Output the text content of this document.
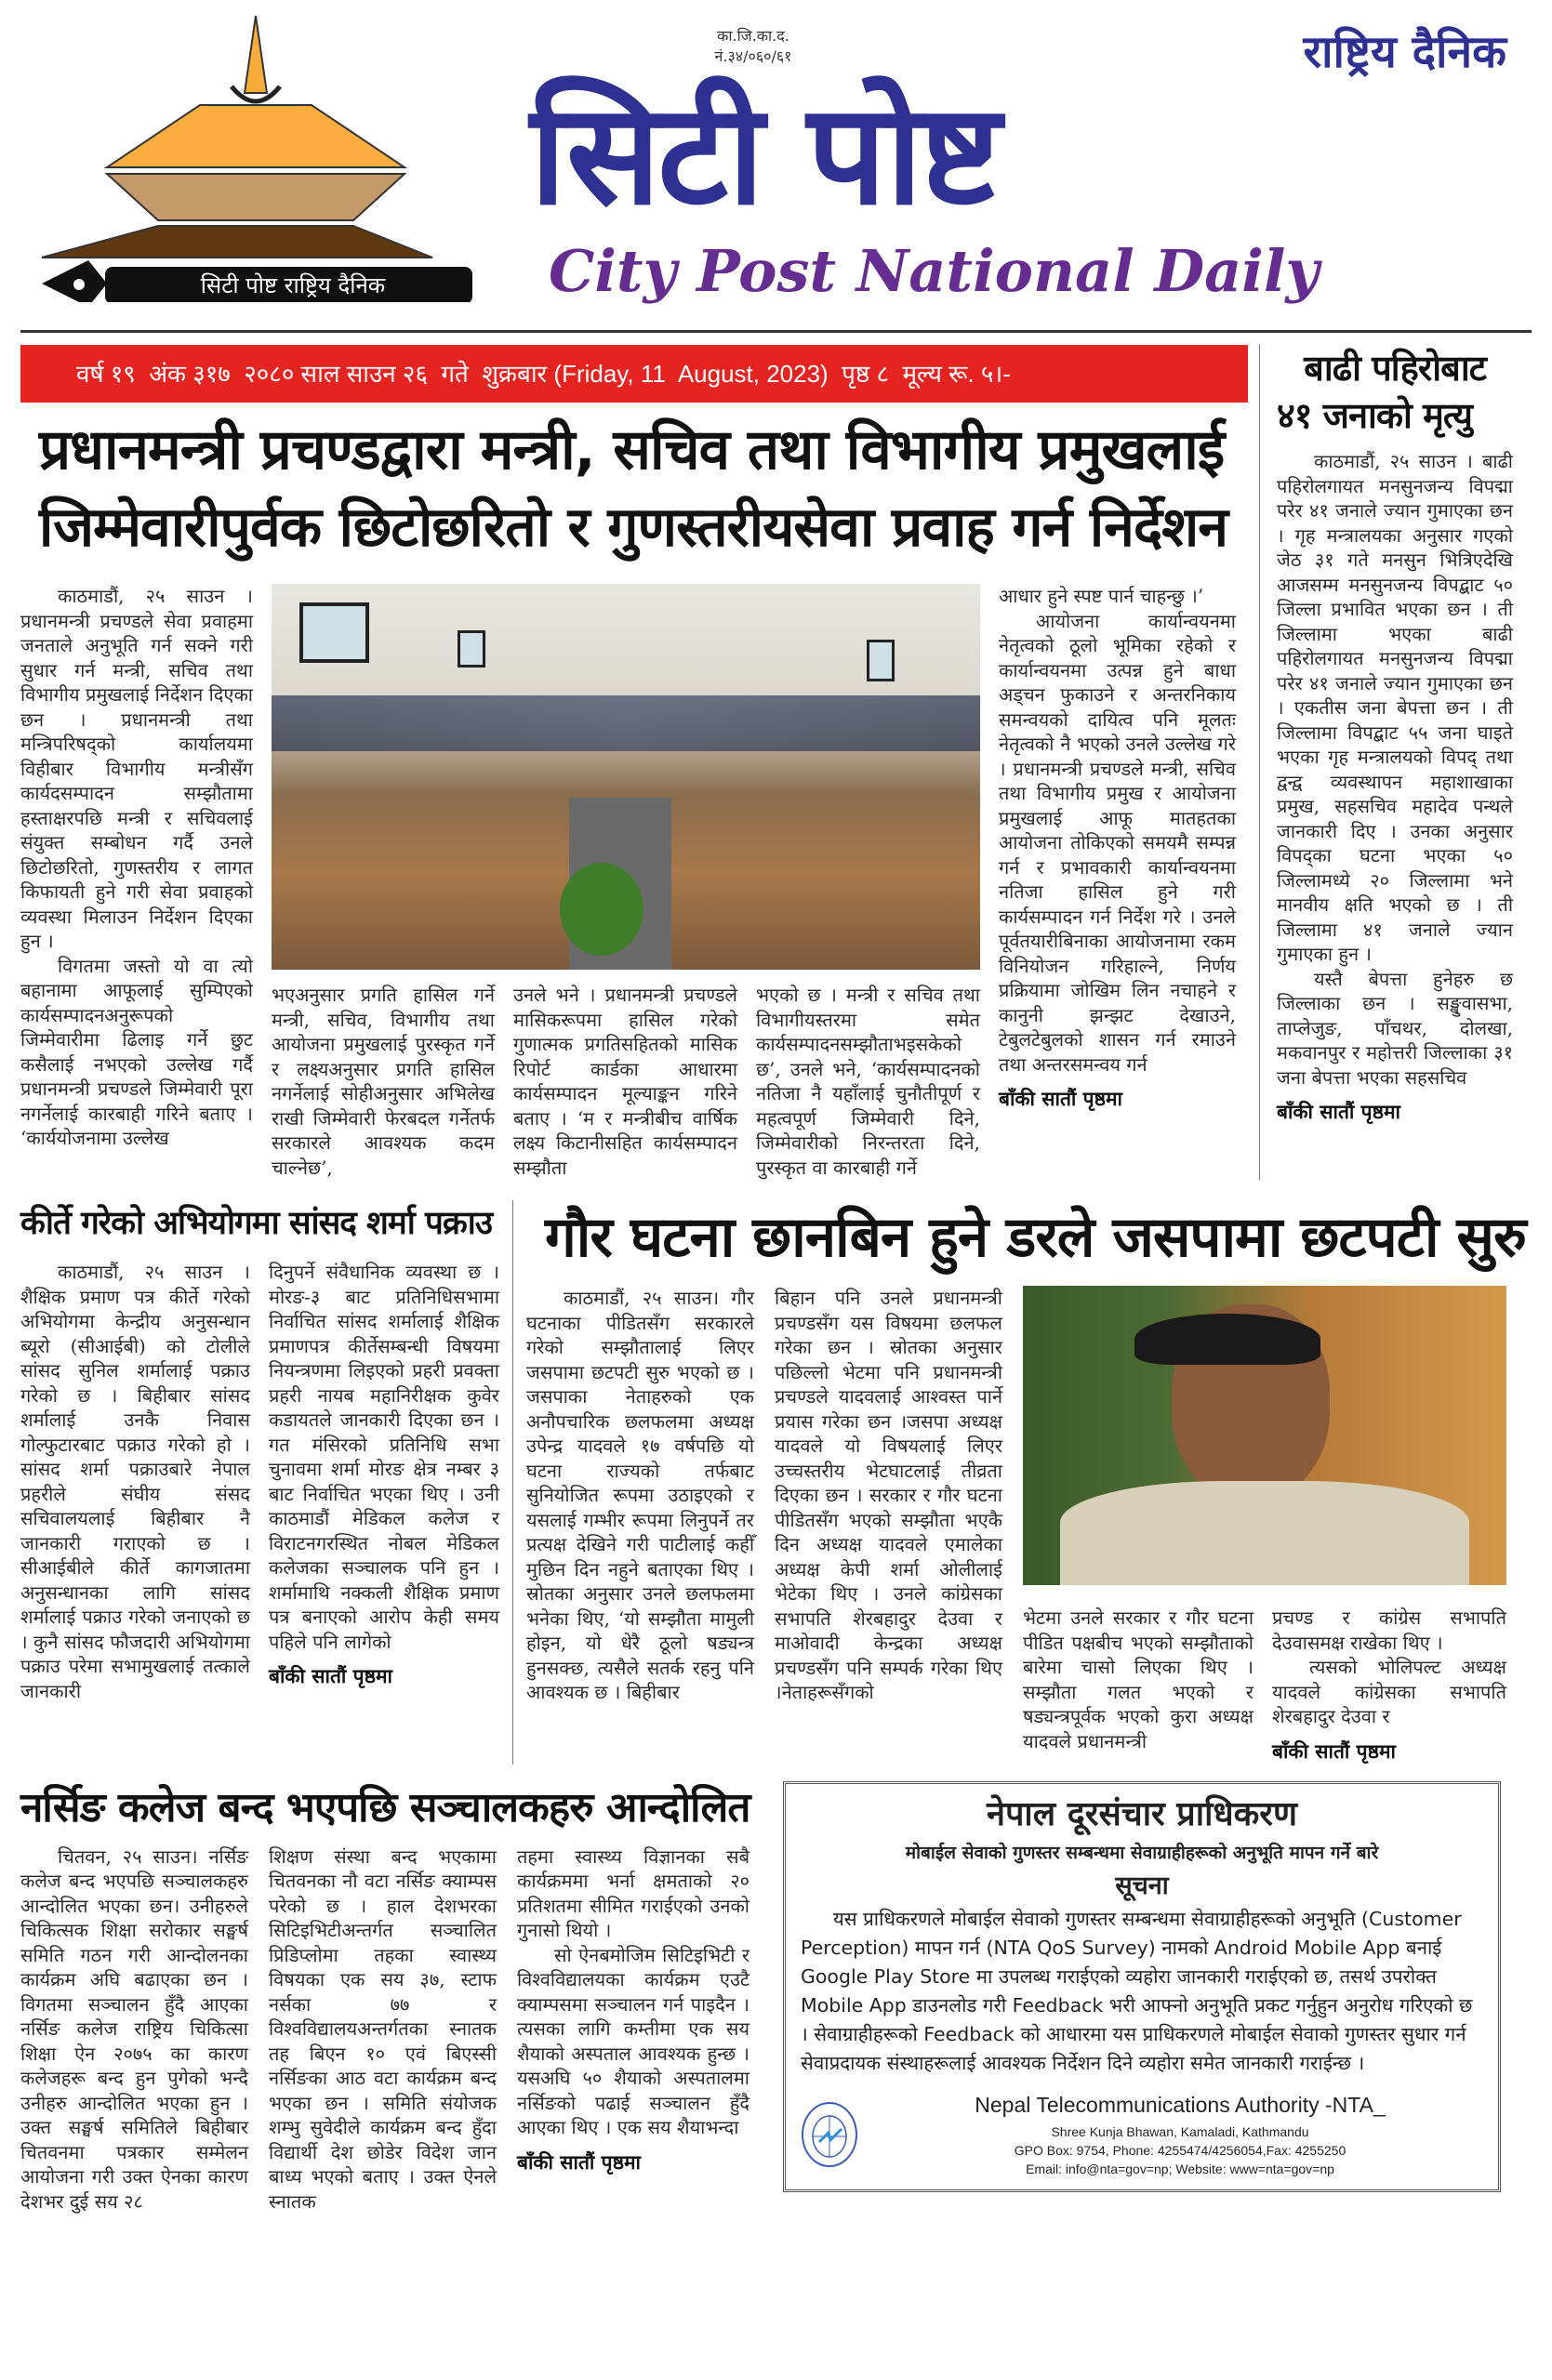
सिटी पोष्ट राष्ट्रिय दैनिक
का.जि.का.द.
नं.३४/०६०/६१	राष्ट्रिय दैनिक
सिटी पोष्ट
City Post National Daily
वर्ष १९  अंक ३१७  २०८० साल साउन २६  गते  शुक्रबार (Friday, 11  August, 2023)  पृष्ठ ८  मूल्य रू. ५।-
प्रधानमन्त्री प्रचण्डद्वारा मन्त्री, सचिव तथा विभागीय प्रमुखलाई
जिम्मेवारीपुर्वक छिटोछरितो र गुणस्तरीयसेवा प्रवाह गर्न निर्देशन

काठमाडौं, २५ साउन । प्रधानमन्त्री प्रचण्डले सेवा प्रवाहमा जनताले अनुभूति गर्न सक्ने गरी सुधार गर्न मन्त्री, सचिव तथा विभागीय प्रमुखलाई निर्देशन दिएका छन । प्रधानमन्त्री तथा मन्त्रिपरिषद्को कार्यालयमा विहीबार विभागीय मन्त्रीसँग कार्यदसम्पादन सम्झौतामा हस्ताक्षरपछि मन्त्री र सचिवलाई संयुक्त सम्बोधन गर्दै उनले छिटोछरितो, गुणस्तरीय र लागत किफायती हुने गरी सेवा प्रवाहको व्यवस्था मिलाउन निर्देशन दिएका हुन ।

विगतमा जस्तो यो वा त्यो बहानामा आफूलाई सुम्पिएको कार्यसम्पादनअनुरूपको जिम्मेवारीमा ढिलाइ गर्ने छुट कसैलाई नभएको उल्लेख गर्दै प्रधानमन्त्री प्रचण्डले जिम्मेवारी पूरा नगर्नेलाई कारबाही गरिने बताए । ‘कार्ययोजनामा उल्लेख

भएअनुसार प्रगति हासिल गर्ने मन्त्री, सचिव, विभागीय तथा आयोजना प्रमुखलाई पुरस्कृत गर्ने र लक्ष्यअनुसार प्रगति हासिल नगर्नेलाई सोहीअनुसार अभिलेख राखी जिम्मेवारी फेरबदल गर्नेतर्फ सरकारले आवश्यक कदम चाल्नेछ’,

उनले भने । प्रधानमन्त्री प्रचण्डले मासिकरूपमा हासिल गरेको गुणात्मक प्रगतिसहितको मासिक रिपोर्ट कार्डका आधारमा कार्यसम्पादन मूल्याङ्कन गरिने बताए । ‘म र मन्त्रीबीच वार्षिक लक्ष्य किटानीसहित कार्यसम्पादन सम्झौता

भएको छ । मन्त्री र सचिव तथा विभागीयस्तरमा समेत कार्यसम्पादनसम्झौताभइसकेको छ’, उनले भने, ‘कार्यसम्पादनको नतिजा नै यहाँलाई चुनौतीपूर्ण र महत्वपूर्ण जिम्मेवारी दिने, जिम्मेवारीको निरन्तरता दिने, पुरस्कृत वा कारबाही गर्ने

आधार हुने स्पष्ट पार्न चाहन्छु ।’

आयोजना कार्यान्वयनमा नेतृत्वको ठूलो भूमिका रहेको र कार्यान्वयनमा उत्पन्न हुने बाधा अड्चन फुकाउने र अन्तरनिकाय समन्वयको दायित्व पनि मूलतः नेतृत्वको नै भएको उनले उल्लेख गरे । प्रधानमन्त्री प्रचण्डले मन्त्री, सचिव तथा विभागीय प्रमुख र आयोजना प्रमुखलाई आफू मातहतका आयोजना तोकिएको समयमै सम्पन्न गर्न र प्रभावकारी कार्यान्वयनमा नतिजा हासिल हुने गरी कार्यसम्पादन गर्न निर्देश गरे । उनले पूर्वतयारीबिनाका आयोजनामा रकम विनियोजन गरिहाल्ने, निर्णय प्रक्रियामा जोखिम लिन नचाहने र कानुनी झन्झट देखाउने, टेबुलटेबुलको शासन गर्न रमाउने तथा अन्तरसमन्वय गर्न

बाँकी सातौं पृष्ठमा
बाढी पहिरोबाट
४१ जनाको मृत्यु

काठमाडौं, २५ साउन । बाढी पहिरोलगायत मनसुनजन्य विपद्मा परेर ४१ जनाले ज्यान गुमाएका छन । गृह मन्त्रालयका अनुसार गएको जेठ ३१ गते मनसुन भित्रिएदेखि आजसम्म मनसुनजन्य विपद्बाट ५० जिल्ला प्रभावित भएका छन । ती जिल्लामा भएका बाढी पहिरोलगायत मनसुनजन्य विपद्मा परेर ४१ जनाले ज्यान गुमाएका छन । एकतीस जना बेपत्ता छन । ती जिल्लामा विपद्बाट ५५ जना घाइते भएका गृह मन्त्रालयको विपद् तथा द्वन्द्व व्यवस्थापन महाशाखाका प्रमुख, सहसचिव महादेव पन्थले जानकारी दिए । उनका अनुसार विपद्का घटना भएका ५० जिल्लामध्ये २० जिल्लामा भने मानवीय क्षति भएको छ । ती जिल्लामा ४१ जनाले ज्यान गुमाएका हुन ।

यस्तै बेपत्ता हुनेहरु छ जिल्लाका छन । सङ्खुवासभा, ताप्लेजुङ, पाँचथर, दोलखा, मकवानपुर र महोत्तरी जिल्लाका ३१ जना बेपत्ता भएका सहसचिव

बाँकी सातौं पृष्ठमा
कीर्ते गरेको अभियोगमा सांसद शर्मा पक्राउ

काठमाडौं, २५ साउन । शैक्षिक प्रमाण पत्र कीर्ते गरेको अभियोगमा केन्द्रीय अनुसन्धान ब्यूरो (सीआईबी) को टोलीले सांसद सुनिल शर्मालाई पक्राउ गरेको छ । बिहीबार सांसद शर्मालाई उनकै निवास गोल्फुटारबाट पक्राउ गरेको हो । सांसद शर्मा पक्राउबारे नेपाल प्रहरीले संघीय संसद सचिवालयलाई बिहीबार नै जानकारी गराएको छ । सीआईबीले कीर्ते कागजातमा अनुसन्धानका लागि सांसद शर्मालाई पक्राउ गरेको जनाएको छ । कुनै सांसद फौजदारी अभियोगमा पक्राउ परेमा सभामुखलाई तत्काले जानकारी

दिनुपर्ने संवैधानिक व्यवस्था छ । मोरङ-३ बाट प्रतिनिधिसभामा निर्वाचित सांसद शर्मालाई शैक्षिक प्रमाणपत्र कीर्तेसम्बन्धी विषयमा नियन्त्रणमा लिइएको प्रहरी प्रवक्ता प्रहरी नायब महानिरीक्षक कुवेर कडायतले जानकारी दिएका छन । गत मंसिरको प्रतिनिधि सभा चुनावमा शर्मा मोरङ क्षेत्र नम्बर ३ बाट निर्वाचित भएका थिए । उनी काठमाडौं मेडिकल कलेज र विराटनगरस्थित नोबल मेडिकल कलेजका सञ्चालक पनि हुन ।शर्मामाथि नक्कली शैक्षिक प्रमाण पत्र बनाएको आरोप केही समय पहिले पनि लागेको

बाँकी सातौं पृष्ठमा
गौर घटना छानबिन हुने डरले जसपामा छटपटी सुरु

काठमाडौं, २५ साउन। गौर घटनाका पीडितसँग सरकारले गरेको सम्झौतालाई लिएर जसपामा छटपटी सुरु भएको छ । जसपाका नेताहरुको एक अनौपचारिक छलफलमा अध्यक्ष उपेन्द्र यादवले १७ वर्षपछि यो घटना राज्यको तर्फबाट सुनियोजित रूपमा उठाइएको र यसलाई गम्भीर रूपमा लिनुपर्ने तर प्रत्यक्ष देखिने गरी पाटीलाई कहीँ मुछिन दिन नहुने बताएका थिए ।स्रोतका अनुसार उनले छलफलमा भनेका थिए, ‘यो सम्झौता मामुली होइन, यो धेरै ठूलो षड्यन्त्र हुनसक्छ, त्यसैले सतर्क रहनु पनि आवश्यक छ । बिहीबार

बिहान पनि उनले प्रधानमन्त्री प्रचण्डसँग यस विषयमा छलफल गरेका छन । स्रोतका अनुसार पछिल्लो भेटमा पनि प्रधानमन्त्री प्रचण्डले यादवलाई आश्वस्त पार्ने प्रयास गरेका छन ।जसपा अध्यक्ष यादवले यो विषयलाई लिएर उच्चस्तरीय भेटघाटलाई तीव्रता दिएका छन । सरकार र गौर घटना पीडितसँग भएको सम्झौता भएकै दिन अध्यक्ष यादवले एमालेका अध्यक्ष केपी शर्मा ओलीलाई भेटेका थिए । उनले कांग्रेसका सभापति शेरबहादुर देउवा र माओवादी केन्द्रका अध्यक्ष प्रचण्डसँग पनि सम्पर्क गरेका थिए ।नेताहरूसँगको

भेटमा उनले सरकार र गौर घटना पीडित पक्षबीच भएको सम्झौताको बारेमा चासो लिएका थिए । सम्झौता गलत भएको र षड्यन्त्रपूर्वक भएको कुरा अध्यक्ष यादवले प्रधानमन्त्री

प्रचण्ड र कांग्रेस सभापति देउवासमक्ष राखेका थिए ।

त्यसको भोलिपल्ट अध्यक्ष यादवले कांग्रेसका सभापति शेरबहादुर देउवा र

बाँकी सातौं पृष्ठमा
नर्सिङ कलेज बन्द भएपछि सञ्चालकहरु आन्दोलित

चितवन, २५ साउन। नर्सिङ कलेज बन्द भएपछि सञ्चालकहरु आन्दोलित भएका छन। उनीहरुले चिकित्सक शिक्षा सरोकार सङ्घर्ष समिति गठन गरी आन्दोलनका कार्यक्रम अघि बढाएका छन । विगतमा सञ्चालन हुँदै आएका नर्सिङ कलेज राष्ट्रिय चिकित्सा शिक्षा ऐन २०७५ का कारण कलेजहरू बन्द हुन पुगेको भन्दै उनीहरु आन्दोलित भएका हुन । उक्त सङ्घर्ष समितिले बिहीबार चितवनमा पत्रकार सम्मेलन आयोजना गरी उक्त ऐनका कारण देशभर दुई सय २८

शिक्षण संस्था बन्द भएकामा चितवनका नौ वटा नर्सिङ क्याम्पस परेको छ । हाल देशभरका सिटिइभिटीअन्तर्गत सञ्चालित प्रिडिप्लोमा तहका स्वास्थ्य विषयका एक सय ३७, स्टाफ नर्सका ७७ र विश्वविद्यालयअन्तर्गतका स्नातक तह बिएन १० एवं बिएस्सी नर्सिङका आठ वटा कार्यक्रम बन्द भएका छन । समिति संयोजक शम्भु सुवेदीले कार्यक्रम बन्द हुँदा विद्यार्थी देश छोडेर विदेश जान बाध्य भएको बताए । उक्त ऐनले स्नातक

तहमा स्वास्थ्य विज्ञानका सबै कार्यक्रममा भर्ना क्षमताको २० प्रतिशतमा सीमित गराईएको उनको गुनासो थियो ।

सो ऐनबमोजिम सिटिइभिटी र विश्वविद्यालयका कार्यक्रम एउटै क्याम्पसमा सञ्चालन गर्न पाइदैन । त्यसका लागि कम्तीमा एक सय शैयाको अस्पताल आवश्यक हुन्छ । यसअघि ५० शैयाको अस्पतालमा नर्सिङको पढाई सञ्चालन हुँदै आएका थिए । एक सय शैयाभन्दा

बाँकी सातौं पृष्ठमा
नेपाल दूरसंचार प्राधिकरण
मोबाईल सेवाको गुणस्तर सम्बन्धमा सेवाग्राहीहरूको अनुभूति मापन गर्ने बारे
सूचना
यस प्राधिकरणले मोबाईल सेवाको गुणस्तर सम्बन्धमा सेवाग्राहीहरूको अनुभूति (Customer Perception) मापन गर्न (NTA QoS Survey) नामको Android Mobile App बनाई Google Play Store मा उपलब्ध गराईएको व्यहोरा जानकारी गराईएको छ, तसर्थ उपरोक्त Mobile App डाउनलोड गरी Feedback भरी आफ्नो अनुभूति प्रकट गर्नुहुन अनुरोध गरिएको छ । सेवाग्राहीहरूको Feedback को आधारमा यस प्राधिकरणले मोबाईल सेवाको गुणस्तर सुधार गर्न सेवाप्रदायक संस्थाहरूलाई आवश्यक निर्देशन दिने व्यहोरा समेत जानकारी गराईन्छ ।
Nepal Telecommunications Authority -NTA_
Shree Kunja Bhawan, Kamaladi, Kathmandu
GPO Box: 9754, Phone: 4255474/4256054,Fax: 4255250
Email: info@nta=gov=np; Website: www=nta=gov=np
